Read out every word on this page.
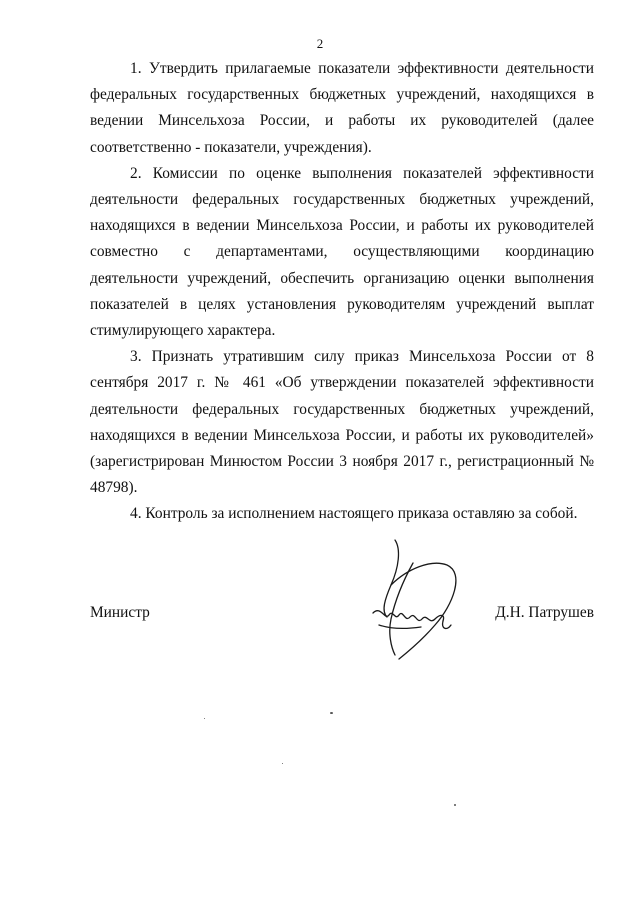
2

1. Утвердить прилагаемые показатели эффективности деятельности федеральных государственных бюджетных учреждений, находящихся в ведении Минсельхоза России, и работы их руководителей (далее соответственно - показатели, учреждения).

2. Комиссии по оценке выполнения показателей эффективности деятельности федеральных государственных бюджетных учреждений, находящихся в ведении Минсельхоза России, и работы их руководителей совместно с департаментами, осуществляющими координацию деятельности учреждений, обеспечить организацию оценки выполнения показателей в целях установления руководителям учреждений выплат стимулирующего характера.

3. Признать утратившим силу приказ Минсельхоза России от 8 сентября 2017 г. № 461 «Об утверждении показателей эффективности деятельности федеральных государственных бюджетных учреждений, находящихся в ведении Минсельхоза России, и работы их руководителей» (зарегистрирован Минюстом России 3 ноября 2017 г., регистрационный № 48798).

4. Контроль за исполнением настоящего приказа оставляю за собой.

Министр	Д.Н. Патрушев
